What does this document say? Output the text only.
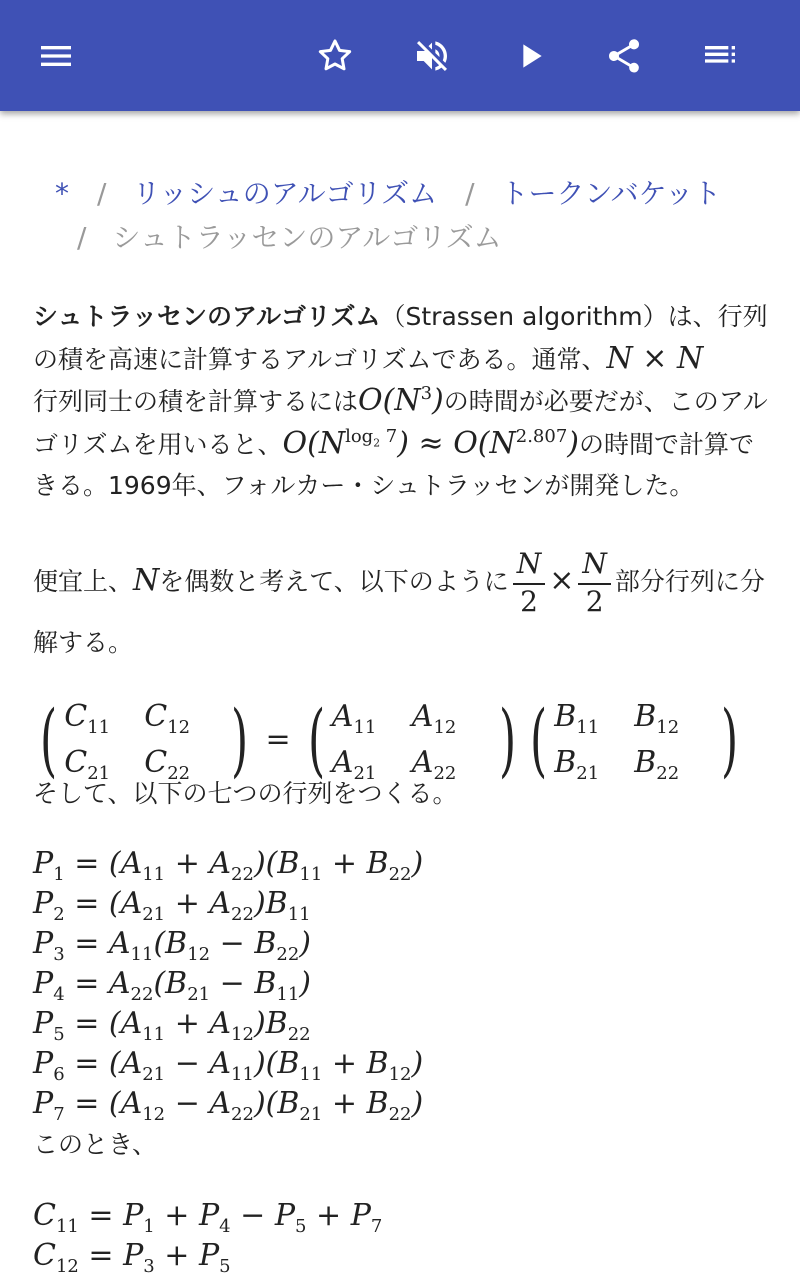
* / リッシュのアルゴリズム / トークンバケット
/ シュトラッセンのアルゴリズム

シュトラッセンのアルゴリズム（Strassen algorithm）は、行列の積を高速に計算するアルゴリズムである。通常、N × N
行列同士の積を計算するには$O(N^3)$の時間が必要だが、このアルゴリズムを用いると、$O(N^{log_2 7}) \approx O(N^{2.807})$の時間で計算できる。1969年、フォルカー・シュトラッセンが開発した。

便宜上、Nを偶数と考えて、以下のように $\frac{N}{2} \times \frac{N}{2}$ 部分行列に分解する。

( $C_{11}$	$C_{12}$
$C_{21}$	$C_{22}$ ) = ( $A_{11}$	$A_{12}$
$A_{21}$	$A_{22}$ ) ( $B_{11}$	$B_{12}$
$B_{21}$	$B_{22}$ )

そして、以下の七つの行列をつくる。

$P_1 = (A_{11} + A_{22})(B_{11} + B_{22})$
$P_2 = (A_{21} + A_{22})B_{11}$
$P_3 = A_{11}(B_{12} - B_{22})$
$P_4 = A_{22}(B_{21} - B_{11})$
$P_5 = (A_{11} + A_{12})B_{22}$
$P_6 = (A_{21} - A_{11})(B_{11} + B_{12})$
$P_7 = (A_{12} - A_{22})(B_{21} + B_{22})$

このとき、

$C_{11} = P_1 + P_4 - P_5 + P_7$
$C_{12} = P_3 + P_5$
